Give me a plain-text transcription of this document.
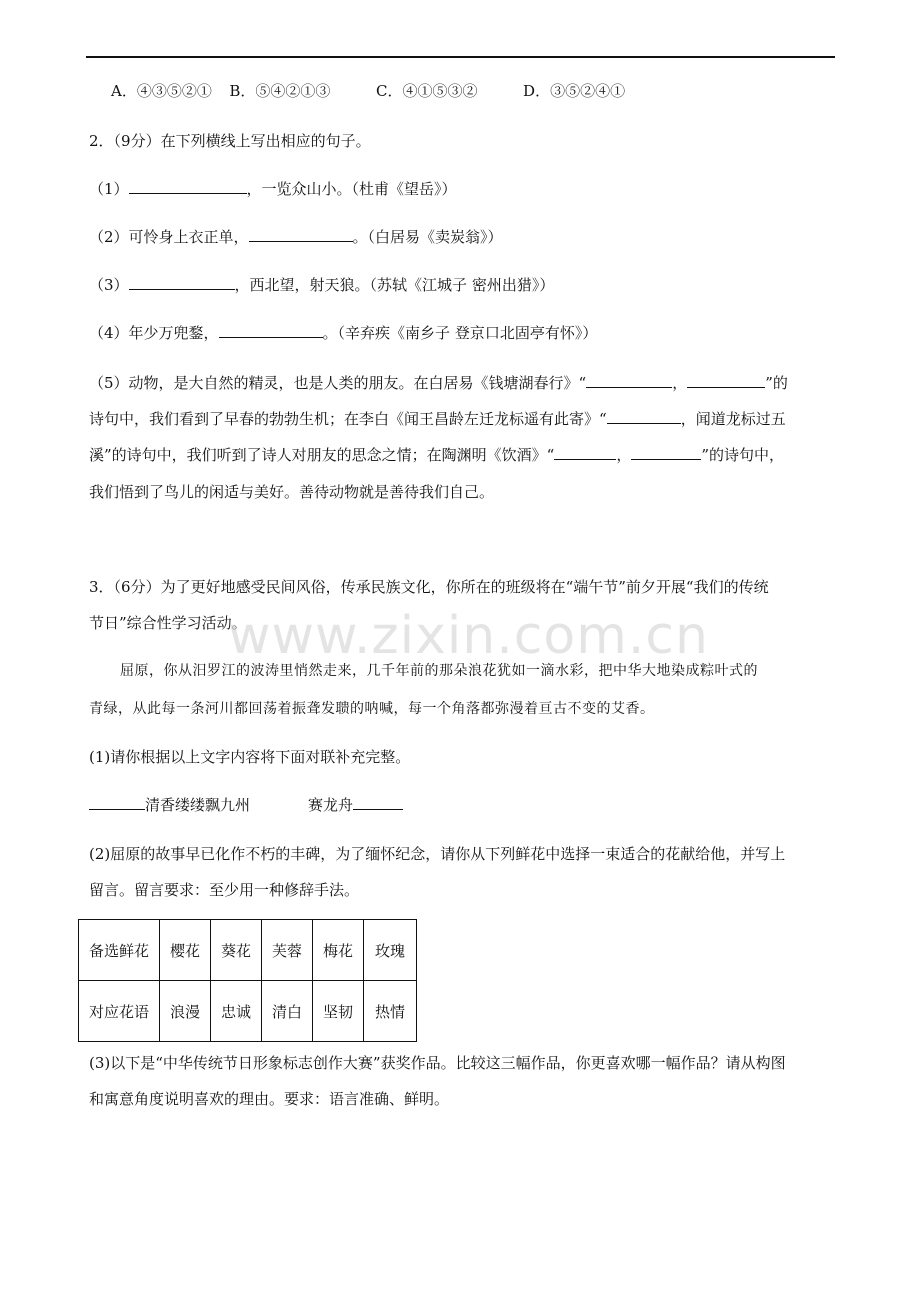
A．④③⑤②① B．⑤④②①③	C．④①⑤③②	D．③⑤②④①
2．（9分）在下列横线上写出相应的句子。
（1）	，一览众山小。（杜甫《望岳》）
（2）可怜身上衣正单，	。（白居易《卖炭翁》）
（3）	，西北望，射天狼。（苏轼《江城子 密州出猎》）
（4）年少万兜鍪，	。（辛弃疾《南乡子 登京口北固亭有怀》）
（5）动物，是大自然的精灵，也是人类的朋友。在白居易《钱塘湖春行》“	，	”的
诗句中，我们看到了早春的勃勃生机；在李白《闻王昌龄左迁龙标遥有此寄》“	，闻道龙标过五
溪”的诗句中，我们听到了诗人对朋友的思念之情；在陶渊明《饮酒》“	，	”的诗句中，
我们悟到了鸟儿的闲适与美好。善待动物就是善待我们自己。
3．（6分）为了更好地感受民间风俗，传承民族文化，你所在的班级将在“端午节”前夕开展“我们的传统
节日”综合性学习活动。
www.zixin.com.cn
屈原，你从汨罗江的波涛里悄然走来，几千年前的那朵浪花犹如一滴水彩，把中华大地染成粽叶式的
青绿，从此每一条河川都回荡着振聋发聩的呐喊，每一个角落都弥漫着亘古不变的艾香。
(1)请你根据以上文字内容将下面对联补充完整。
清香缕缕飘九州	赛龙舟
(2)屈原的故事早已化作不朽的丰碑，为了缅怀纪念，请你从下列鲜花中选择一束适合的花献给他，并写上
留言。留言要求：至少用一种修辞手法。
备选鲜花	樱花	葵花	芙蓉	梅花	玫瑰
对应花语	浪漫	忠诚	清白	坚韧	热情
(3)以下是“中华传统节日形象标志创作大赛”获奖作品。比较这三幅作品，你更喜欢哪一幅作品？请从构图
和寓意角度说明喜欢的理由。要求：语言准确、鲜明。
